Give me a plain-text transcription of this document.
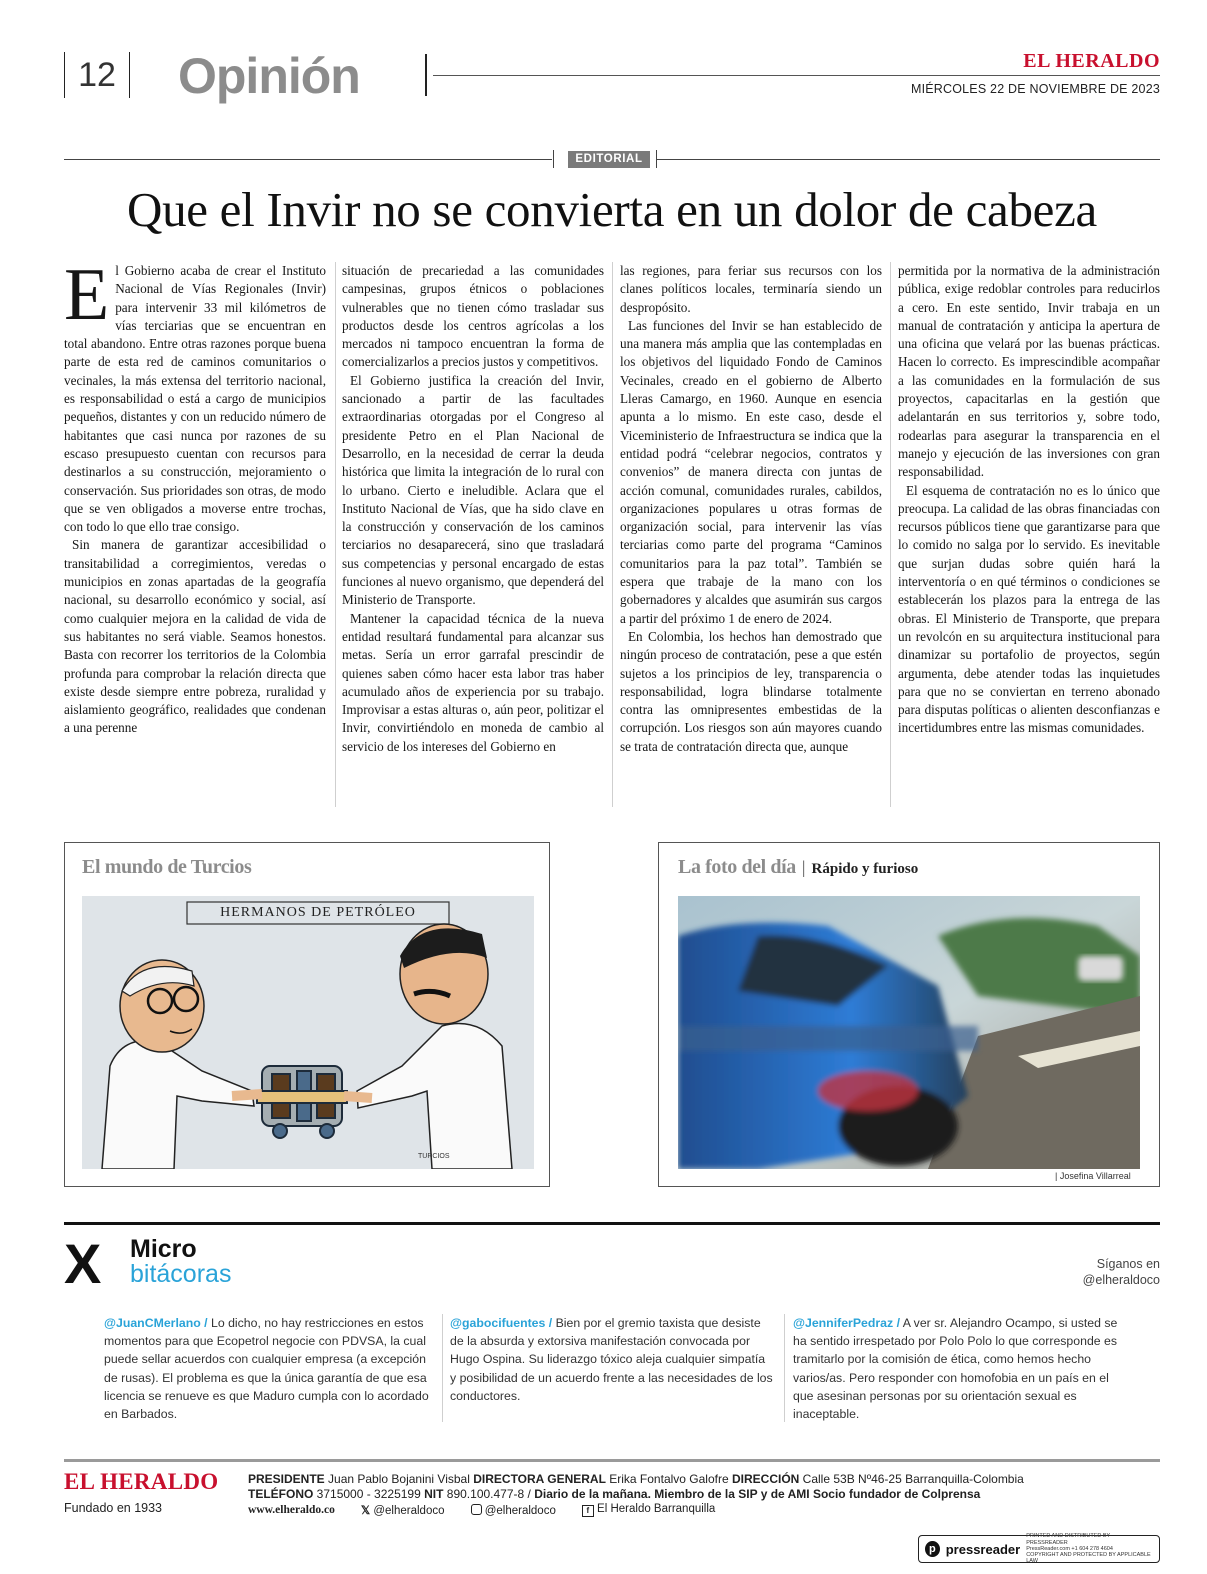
12 Opinión	EL HERALDO
MIÉRCOLES 22 DE NOVIEMBRE DE 2023
EDITORIAL
Que el Invir no se convierta en un dolor de cabeza

El Gobierno acaba de crear el Instituto Nacional de Vías Regionales (Invir) para intervenir 33 mil kilómetros de vías terciarias que se encuentran en total abandono. Entre otras razones porque buena parte de esta red de caminos comunitarios o vecinales, la más extensa del territorio nacional, es responsabilidad o está a cargo de municipios pequeños, distantes y con un reducido número de habitantes que casi nunca por razones de su escaso presupuesto cuentan con recursos para destinarlos a su construcción, mejoramiento o conservación. Sus prioridades son otras, de modo que se ven obligados a moverse entre trochas, con todo lo que ello trae consigo.

Sin manera de garantizar accesibilidad o transitabilidad a corregimientos, veredas o municipios en zonas apartadas de la geografía nacional, su desarrollo económico y social, así como cualquier mejora en la calidad de vida de sus habitantes no será viable. Seamos honestos. Basta con recorrer los territorios de la Colombia profunda para comprobar la relación directa que existe desde siempre entre pobreza, ruralidad y aislamiento geográfico, realidades que condenan a una perenne

situación de precariedad a las comunidades campesinas, grupos étnicos o poblaciones vulnerables que no tienen cómo trasladar sus productos desde los centros agrícolas a los mercados ni tampoco encuentran la forma de comercializarlos a precios justos y competitivos.

El Gobierno justifica la creación del Invir, sancionado a partir de las facultades extraordinarias otorgadas por el Congreso al presidente Petro en el Plan Nacional de Desarrollo, en la necesidad de cerrar la deuda histórica que limita la integración de lo rural con lo urbano. Cierto e ineludible. Aclara que el Instituto Nacional de Vías, que ha sido clave en la construcción y conservación de los caminos terciarios no desaparecerá, sino que trasladará sus competencias y personal encargado de estas funciones al nuevo organismo, que dependerá del Ministerio de Transporte.

Mantener la capacidad técnica de la nueva entidad resultará fundamental para alcanzar sus metas. Sería un error garrafal prescindir de quienes saben cómo hacer esta labor tras haber acumulado años de experiencia por su trabajo. Improvisar a estas alturas o, aún peor, politizar el Invir, convirtiéndolo en moneda de cambio al servicio de los intereses del Gobierno en

las regiones, para feriar sus recursos con los clanes políticos locales, terminaría siendo un despropósito.

Las funciones del Invir se han establecido de una manera más amplia que las contempladas en los objetivos del liquidado Fondo de Caminos Vecinales, creado en el gobierno de Alberto Lleras Camargo, en 1960. Aunque en esencia apunta a lo mismo. En este caso, desde el Viceministerio de Infraestructura se indica que la entidad podrá “celebrar negocios, contratos y convenios” de manera directa con juntas de acción comunal, comunidades rurales, cabildos, organizaciones populares u otras formas de organización social, para intervenir las vías terciarias como parte del programa “Caminos comunitarios para la paz total”. También se espera que trabaje de la mano con los gobernadores y alcaldes que asumirán sus cargos a partir del próximo 1 de enero de 2024.

En Colombia, los hechos han demostrado que ningún proceso de contratación, pese a que estén sujetos a los principios de ley, transparencia o responsabilidad, logra blindarse totalmente contra las omnipresentes embestidas de la corrupción. Los riesgos son aún mayores cuando se trata de contratación directa que, aunque

permitida por la normativa de la administración pública, exige redoblar controles para reducirlos a cero. En este sentido, Invir trabaja en un manual de contratación y anticipa la apertura de una oficina que velará por las buenas prácticas. Hacen lo correcto. Es imprescindible acompañar a las comunidades en la formulación de sus proyectos, capacitarlas en la gestión que adelantarán en sus territorios y, sobre todo, rodearlas para asegurar la transparencia en el manejo y ejecución de las inversiones con gran responsabilidad.

El esquema de contratación no es lo único que preocupa. La calidad de las obras financiadas con recursos públicos tiene que garantizarse para que lo comido no salga por lo servido. Es inevitable que surjan dudas sobre quién hará la interventoría o en qué términos o condiciones se establecerán los plazos para la entrega de las obras. El Ministerio de Transporte, que prepara un revolcón en su arquitectura institucional para dinamizar su portafolio de proyectos, según argumenta, debe atender todas las inquietudes para que no se conviertan en terreno abonado para disputas políticas o alienten desconfianzas e incertidumbres entre las mismas comunidades.

El mundo de Turcios
TURCIOS
HERMANOS DE PETRÓLEO
La foto del día | Rápido y furioso
| Josefina Villarreal
X Micro
bitácoras	Síganos en
@elheraldoco
@JuanCMerlano / Lo dicho, no hay restricciones en estos momentos para que Ecopetrol negocie con PDVSA, la cual puede sellar acuerdos con cualquier empresa (a excepción de rusas). El problema es que la única garantía de que esa licencia se renueve es que Maduro cumpla con lo acordado en Barbados.
@gabocifuentes / Bien por el gremio taxista que desiste de la absurda y extorsiva manifestación convocada por Hugo Ospina. Su liderazgo tóxico aleja cualquier simpatía y posibilidad de un acuerdo frente a las necesidades de los conductores.
@JenniferPedraz / A ver sr. Alejandro Ocampo, si usted se ha sentido irrespetado por Polo Polo lo que corresponde es tramitarlo por la comisión de ética, como hemos hecho varios/as. Pero responder con homofobia en un país en el que asesinan personas por su orientación sexual es inaceptable.
EL HERALDO
Fundado en 1933
PRESIDENTE Juan Pablo Bojanini Visbal DIRECTORA GENERAL Erika Fontalvo Galofre DIRECCIÓN Calle 53B Nº46-25 Barranquilla-Colombia
TELÉFONO 3715000 - 3225199 NIT 890.100.477-8 / Diario de la mañana. Miembro de la SIP y de AMI Socio fundador de Colprensa
www.elheraldo.co 𝕏 @elheraldoco	@elheraldoco	f El Heraldo Barranquilla
p pressreader
PRINTED AND DISTRIBUTED BY PRESSREADER
PressReader.com +1 604 278 4604
COPYRIGHT AND PROTECTED BY APPLICABLE LAW
